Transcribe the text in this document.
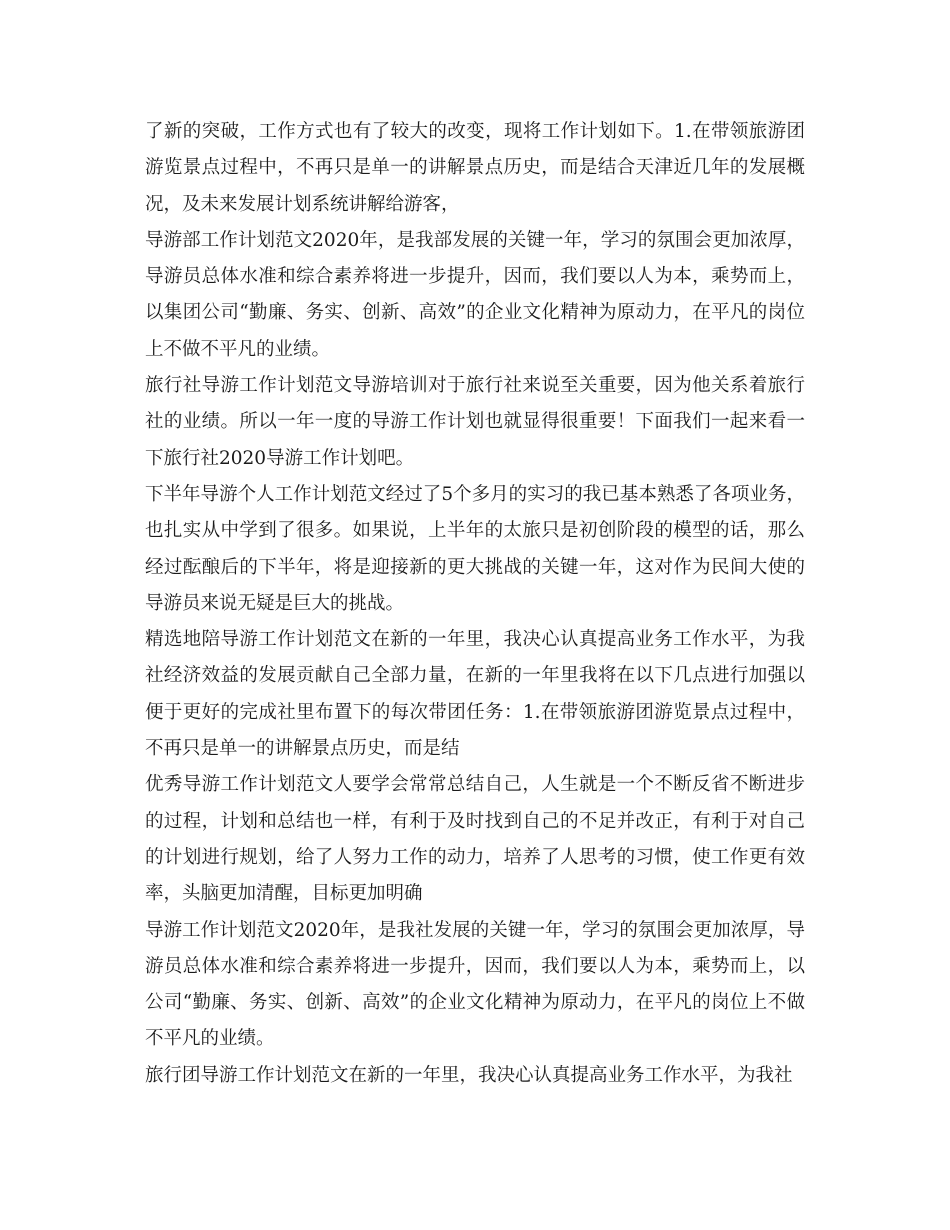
了新的突破，工作方式也有了较大的改变，现将工作计划如下。1.在带领旅游团游览景点过程中，不再只是单一的讲解景点历史，而是结合天津近几年的发展概况，及未来发展计划系统讲解给游客，

导游部工作计划范文2020年，是我部发展的关键一年，学习的氛围会更加浓厚，导游员总体水准和综合素养将进一步提升，因而，我们要以人为本，乘势而上，以集团公司“勤廉、务实、创新、高效”的企业文化精神为原动力，在平凡的岗位上不做不平凡的业绩。

旅行社导游工作计划范文导游培训对于旅行社来说至关重要，因为他关系着旅行社的业绩。所以一年一度的导游工作计划也就显得很重要！下面我们一起来看一下旅行社2020导游工作计划吧。

下半年导游个人工作计划范文经过了5个多月的实习的我已基本熟悉了各项业务，也扎实从中学到了很多。如果说，上半年的太旅只是初创阶段的模型的话，那么经过酝酿后的下半年，将是迎接新的更大挑战的关键一年，这对作为民间大使的导游员来说无疑是巨大的挑战。

精选地陪导游工作计划范文在新的一年里，我决心认真提高业务工作水平，为我社经济效益的发展贡献自己全部力量，在新的一年里我将在以下几点进行加强以便于更好的完成社里布置下的每次带团任务：1.在带领旅游团游览景点过程中，不再只是单一的讲解景点历史，而是结

优秀导游工作计划范文人要学会常常总结自己，人生就是一个不断反省不断进步的过程，计划和总结也一样，有利于及时找到自己的不足并改正，有利于对自己的计划进行规划，给了人努力工作的动力，培养了人思考的习惯，使工作更有效率，头脑更加清醒，目标更加明确

导游工作计划范文2020年，是我社发展的关键一年，学习的氛围会更加浓厚，导游员总体水准和综合素养将进一步提升，因而，我们要以人为本，乘势而上，以公司“勤廉、务实、创新、高效”的企业文化精神为原动力，在平凡的岗位上不做不平凡的业绩。

旅行团导游工作计划范文在新的一年里，我决心认真提高业务工作水平，为我社
